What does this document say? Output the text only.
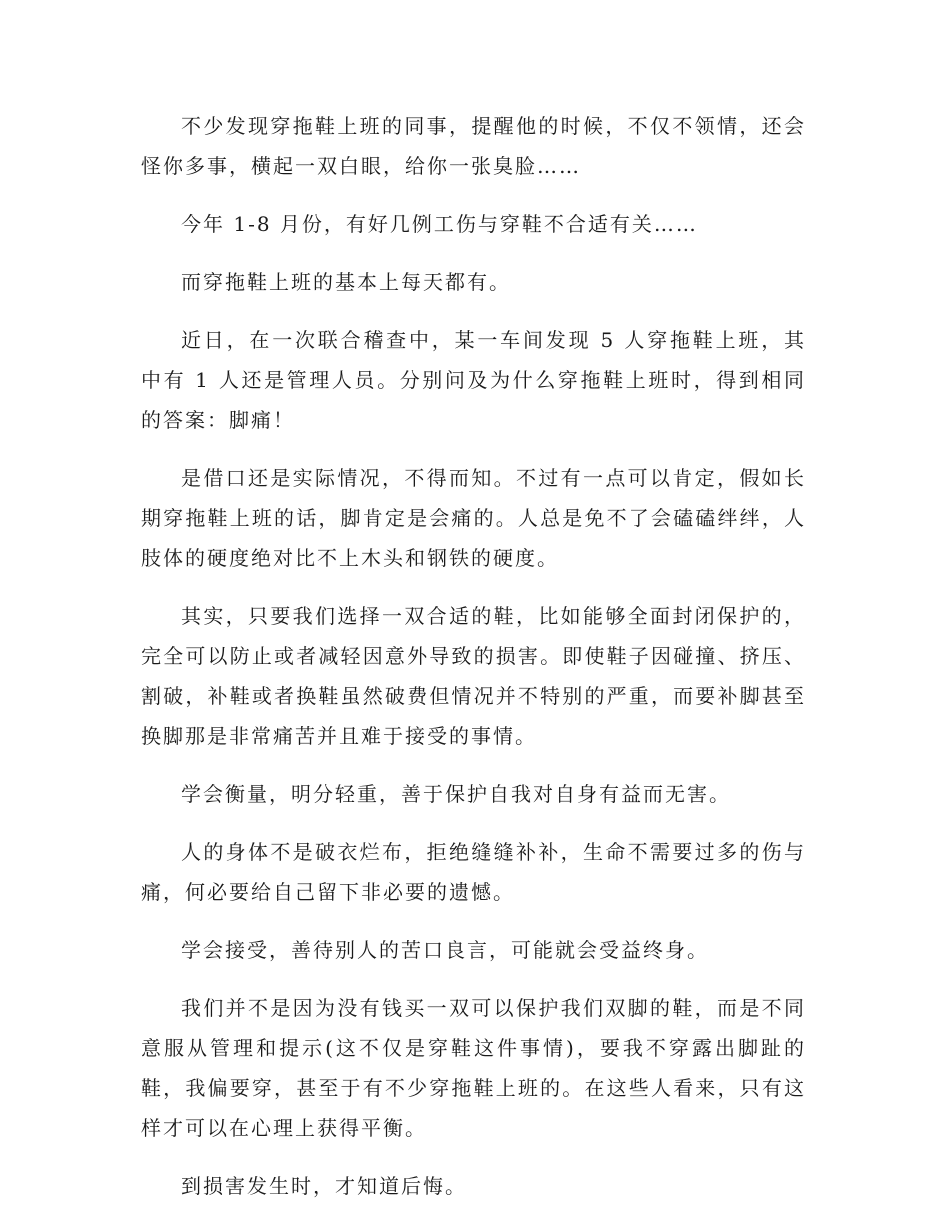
不少发现穿拖鞋上班的同事，提醒他的时候，不仅不领情，还会怪你多事，横起一双白眼，给你一张臭脸……

今年 1-8 月份，有好几例工伤与穿鞋不合适有关……

而穿拖鞋上班的基本上每天都有。

近日，在一次联合稽查中，某一车间发现 5 人穿拖鞋上班，其中有 1 人还是管理人员。分别问及为什么穿拖鞋上班时，得到相同的答案：脚痛！

是借口还是实际情况，不得而知。不过有一点可以肯定，假如长期穿拖鞋上班的话，脚肯定是会痛的。人总是免不了会磕磕绊绊，人肢体的硬度绝对比不上木头和钢铁的硬度。

其实，只要我们选择一双合适的鞋，比如能够全面封闭保护的，完全可以防止或者减轻因意外导致的损害。即使鞋子因碰撞、挤压、割破，补鞋或者换鞋虽然破费但情况并不特别的严重，而要补脚甚至换脚那是非常痛苦并且难于接受的事情。

学会衡量，明分轻重，善于保护自我对自身有益而无害。

人的身体不是破衣烂布，拒绝缝缝补补，生命不需要过多的伤与痛，何必要给自己留下非必要的遗憾。

学会接受，善待别人的苦口良言，可能就会受益终身。

我们并不是因为没有钱买一双可以保护我们双脚的鞋，而是不同意服从管理和提示(这不仅是穿鞋这件事情)，要我不穿露出脚趾的鞋，我偏要穿，甚至于有不少穿拖鞋上班的。在这些人看来，只有这样才可以在心理上获得平衡。

到损害发生时，才知道后悔。
